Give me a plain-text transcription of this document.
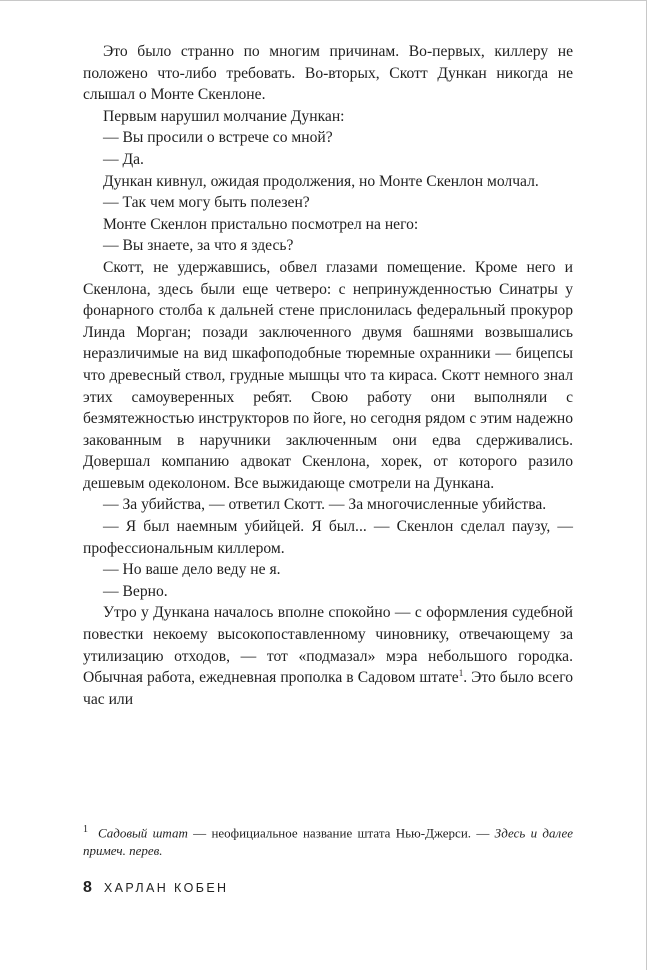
Это было странно по многим причинам. Во-первых, киллеру не положено что-либо требовать. Во-вторых, Скотт Дункан никогда не слышал о Монте Скенлоне.

Первым нарушил молчание Дункан:

— Вы просили о встрече со мной?

— Да.

Дункан кивнул, ожидая продолжения, но Монте Скенлон молчал.

— Так чем могу быть полезен?

Монте Скенлон пристально посмотрел на него:

— Вы знаете, за что я здесь?

Скотт, не удержавшись, обвел глазами помещение. Кроме него и Скенлона, здесь были еще четверо: с непринужденностью Синатры у фонарного столба к дальней стене прислонилась федеральный прокурор Линда Морган; позади заключенного двумя башнями возвышались неразличимые на вид шкафоподобные тюремные охранники — бицепсы что древесный ствол, грудные мышцы что та кираса. Скотт немного знал этих самоуверенных ребят. Свою работу они выполняли с безмятежностью инструкторов по йоге, но сегодня рядом с этим надежно закованным в наручники заключенным они едва сдерживались. Довершал компанию адвокат Скенлона, хорек, от которого разило дешевым одеколоном. Все выжидающе смотрели на Дункана.

— За убийства, — ответил Скотт. — За многочисленные убийства.

— Я был наемным убийцей. Я был... — Скенлон сделал паузу, — профессиональным киллером.

— Но ваше дело веду не я.

— Верно.

Утро у Дункана началось вполне спокойно — с оформления судебной повестки некоему высокопоставленному чиновнику, отвечающему за утилизацию отходов, — тот «подмазал» мэра небольшого городка. Обычная работа, ежедневная прополка в Садовом штате$^1$. Это было всего час или

$^1$ Садовый штат — неофициальное название штата Нью-Джерси. — Здесь и далее примеч. перев.

8 ХАРЛАН КОБЕН
